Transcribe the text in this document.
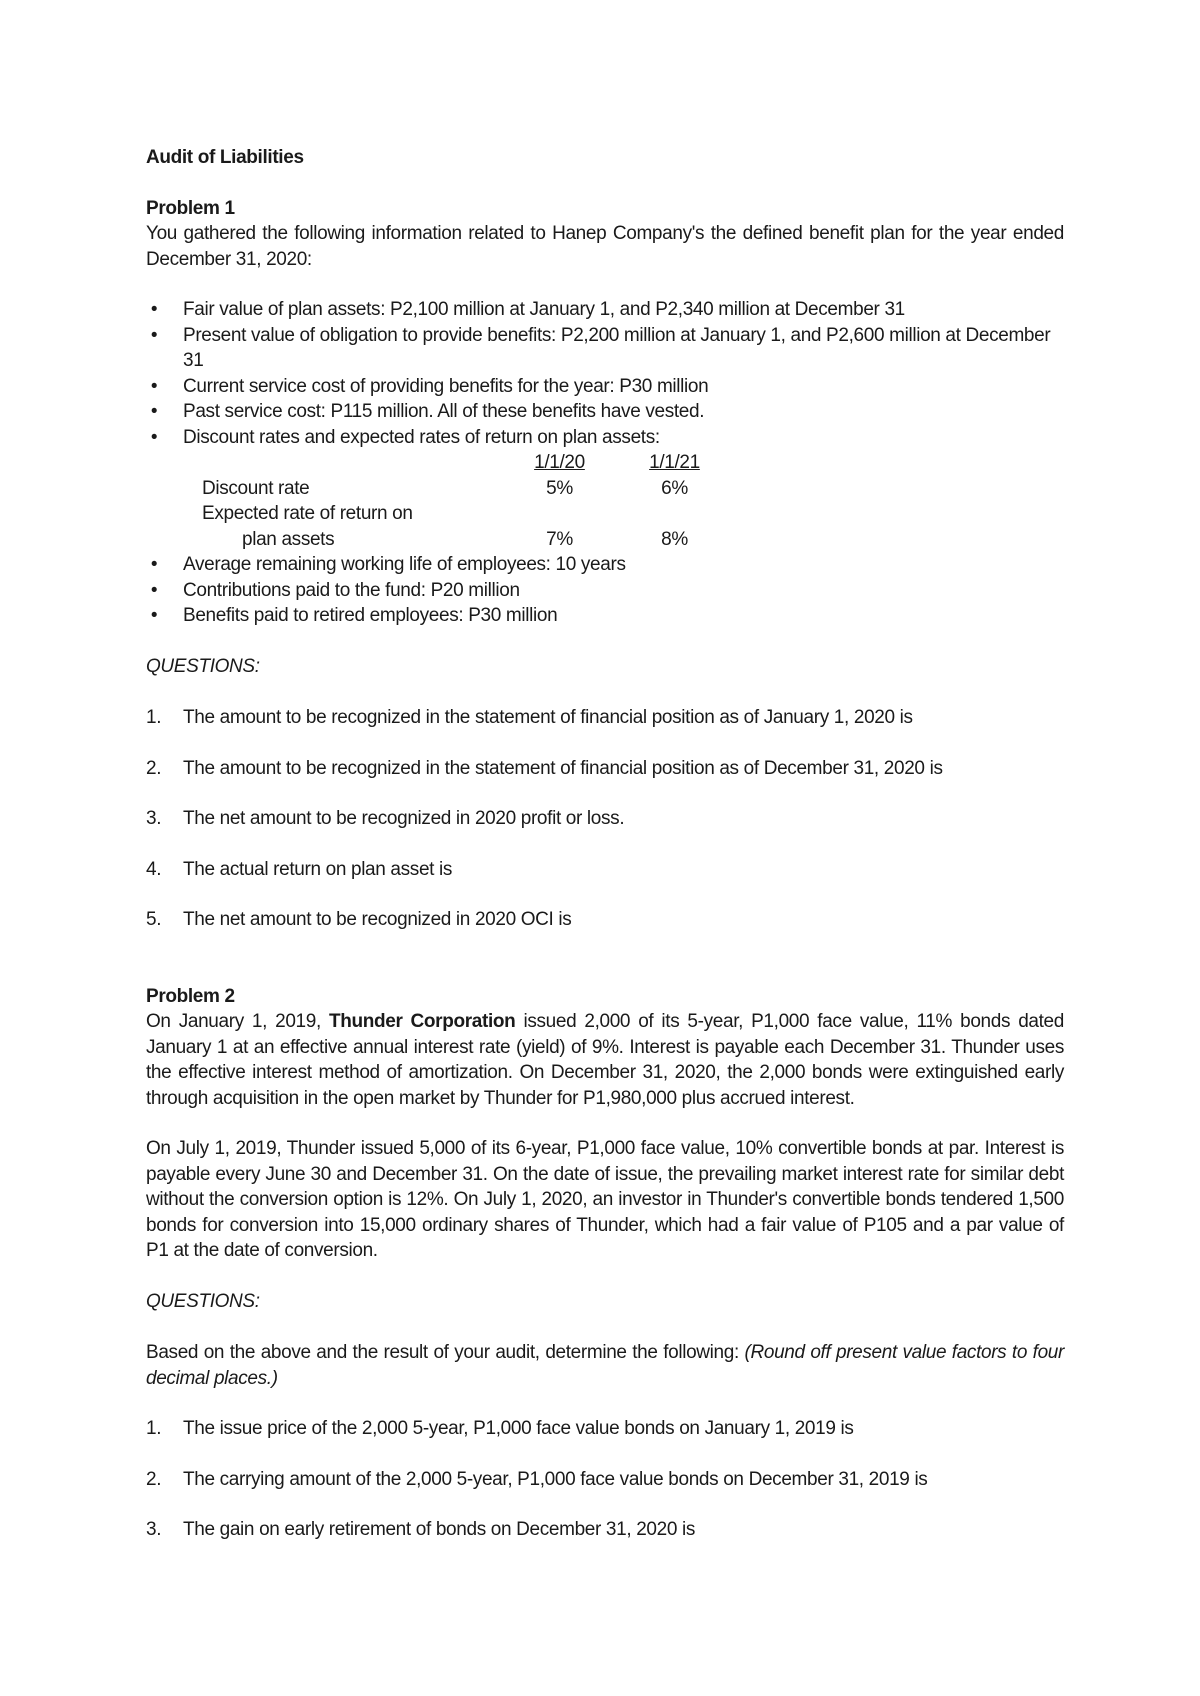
Audit of Liabilities

Problem 1

You gathered the following information related to Hanep Company's the defined benefit plan for the year ended December 31, 2020:

• Fair value of plan assets: P2,100 million at January 1, and P2,340 million at December 31
• Present value of obligation to provide benefits: P2,200 million at January 1, and P2,600 million at December 31
• Current service cost of providing benefits for the year: P30 million
• Past service cost: P115 million. All of these benefits have vested.
• Discount rates and expected rates of return on plan assets:
	1/1/20	1/1/21
Discount rate	5%	6%
Expected rate of return on		
plan assets	7%	8%
• Average remaining working life of employees: 10 years
• Contributions paid to the fund: P20 million
• Benefits paid to retired employees: P30 million

QUESTIONS:

1. The amount to be recognized in the statement of financial position as of January 1, 2020 is
2. The amount to be recognized in the statement of financial position as of December 31, 2020 is
3. The net amount to be recognized in 2020 profit or loss.
4. The actual return on plan asset is
5. The net amount to be recognized in 2020 OCI is

Problem 2

On January 1, 2019, Thunder Corporation issued 2,000 of its 5-year, P1,000 face value, 11% bonds dated January 1 at an effective annual interest rate (yield) of 9%. Interest is payable each December 31. Thunder uses the effective interest method of amortization. On December 31, 2020, the 2,000 bonds were extinguished early through acquisition in the open market by Thunder for P1,980,000 plus accrued interest.

On July 1, 2019, Thunder issued 5,000 of its 6-year, P1,000 face value, 10% convertible bonds at par. Interest is payable every June 30 and December 31. On the date of issue, the prevailing market interest rate for similar debt without the conversion option is 12%. On July 1, 2020, an investor in Thunder's convertible bonds tendered 1,500 bonds for conversion into 15,000 ordinary shares of Thunder, which had a fair value of P105 and a par value of P1 at the date of conversion.

QUESTIONS:

Based on the above and the result of your audit, determine the following: (Round off present value factors to four decimal places.)

1. The issue price of the 2,000 5-year, P1,000 face value bonds on January 1, 2019 is
2. The carrying amount of the 2,000 5-year, P1,000 face value bonds on December 31, 2019 is
3. The gain on early retirement of bonds on December 31, 2020 is
